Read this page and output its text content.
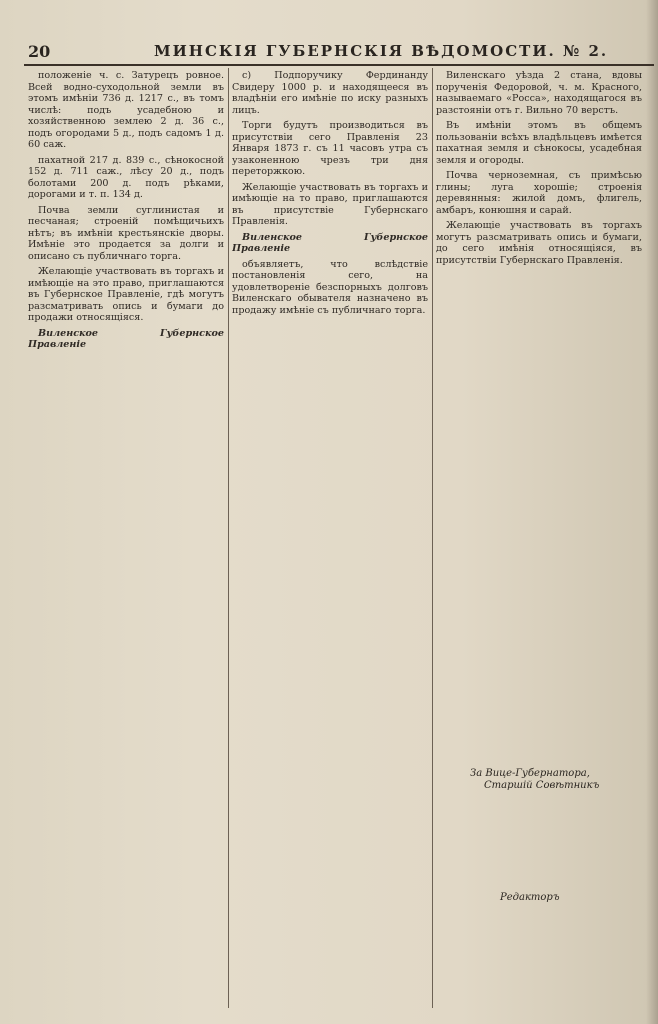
20	МИНСКІЯ ГУБЕРНСКІЯ ВѢДОМОСТИ. № 2.

положеніе ч. с. Затурецъ ровное. Всей водно-суходольной земли въ этомъ имѣніи 736 д. 1217 с., въ томъ числѣ: подъ усадебною и хозяйственною землею 2 д. 36 с., подъ огородами 5 д., подъ садомъ 1 д. 60 саж.

пахатной 217 д. 839 с., сѣнокосной 152 д. 711 саж., лѣсу 20 д., подъ болотами 200 д. подъ рѣками, дорогами и т. п. 134 д.

Почва земли суглинистая и песчаная; строеній помѣщичьихъ нѣтъ; въ имѣніи крестьянскіе дворы. Имѣніе это продается за долги и описано съ публичнаго торга.

Желающіе участвовать въ торгахъ и имѣющіе на это право, приглашаются въ Губернское Правленіе, гдѣ могутъ разсматривать опись и бумаги до продажи относящіяся.

Виленское Губернское Правленіе

с) Подпоручику Фердинанду Свидеру 1000 р. и находящееся въ владѣніи его имѣніе по иску разныхъ лицъ.

Торги будутъ производиться въ присутствіи сего Правленія 23 Января 1873 г. съ 11 часовъ утра съ узаконенною чрезъ три дня переторжкою.

Желающіе участвовать въ торгахъ и имѣющіе на то право, приглашаются въ присутствіе Губернскаго Правленія.

Виленское Губернское Правленіе

объявляетъ, что вслѣдствіе постановленія сего, на удовлетвореніе безспорныхъ долговъ Виленскаго обывателя назначено въ продажу имѣніе съ публичнаго торга.

Виленскаго уѣзда 2 стана, вдовы порученія Федоровой, ч. м. Красного, называемаго «Росса», находящагося въ разстояніи отъ г. Вильно 70 верстъ.

Въ имѣніи этомъ въ общемъ пользованіи всѣхъ владѣльцевъ имѣется пахатная земля и сѣнокосы, усадебная земля и огороды.

Почва черноземная, съ примѣсью глины; луга хорошіе; строенія деревянныя: жилой домъ, флигель, амбаръ, конюшня и сарай.

Желающіе участвовать въ торгахъ могутъ разсматривать опись и бумаги, до сего имѣнія относящіяся, въ присутствіи Губернскаго Правленія.

За Вице-Губернатора,
Старшій Совѣтникъ
Редакторъ
